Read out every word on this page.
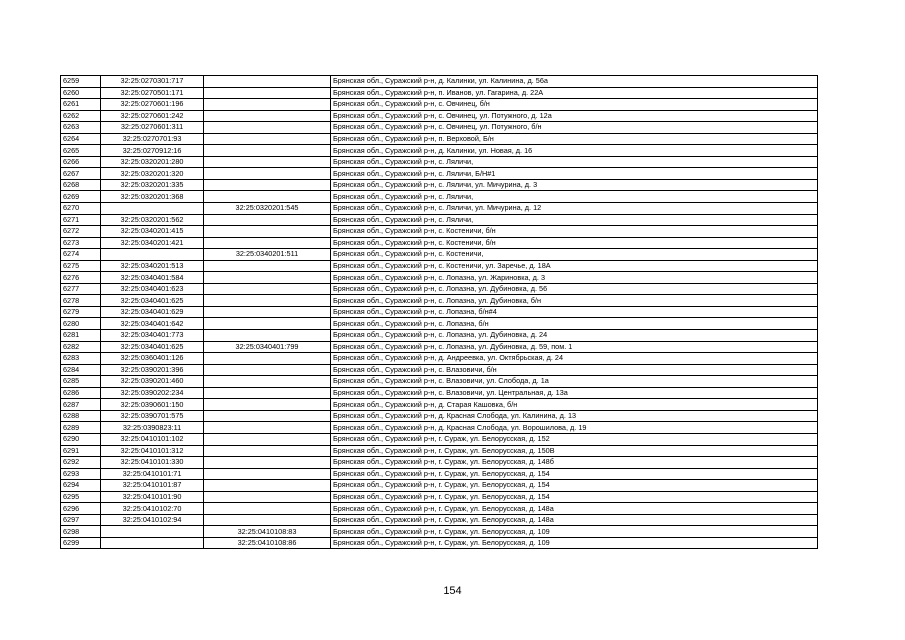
6259	32:25:0270301:717		Брянская обл., Суражский р-н, д. Калинки, ул. Калинина, д. 56а
6260	32:25:0270501:171		Брянская обл., Суражский р-н, п. Иванов, ул. Гагарина, д. 22А
6261	32:25:0270601:196		Брянская обл., Суражский р-н, с. Овчинец, б/н
6262	32:25:0270601:242		Брянская обл., Суражский р-н, с. Овчинец, ул. Потужного, д. 12а
6263	32:25:0270601:311		Брянская обл., Суражский р-н, с. Овчинец, ул. Потужного, б/н
6264	32:25:0270701:93		Брянская обл., Суражский р-н, п. Верховой, Б/н
6265	32:25:0270912:16		Брянская обл., Суражский р-н, д. Калинки, ул. Новая, д. 16
6266	32:25:0320201:280		Брянская обл., Суражский р-н, с. Ляличи,
6267	32:25:0320201:320		Брянская обл., Суражский р-н, с. Ляличи, Б/Н#1
6268	32:25:0320201:335		Брянская обл., Суражский р-н, с. Ляличи, ул. Мичурина, д. 3
6269	32:25:0320201:368		Брянская обл., Суражский р-н, с. Ляличи,
6270		32:25:0320201:545	Брянская обл., Суражский р-н, с. Ляличи, ул. Мичурина, д. 12
6271	32:25:0320201:562		Брянская обл., Суражский р-н, с. Ляличи,
6272	32:25:0340201:415		Брянская обл., Суражский р-н, с. Костеничи, б/н
6273	32:25:0340201:421		Брянская обл., Суражский р-н, с. Костеничи, б/н
6274		32:25:0340201:511	Брянская обл., Суражский р-н, с. Костеничи,
6275	32:25:0340201:513		Брянская обл., Суражский р-н, с. Костеничи, ул. Заречье, д. 18А
6276	32:25:0340401:584		Брянская обл., Суражский р-н, с. Лопазна, ул. Жариновка, д. 3
6277	32:25:0340401:623		Брянская обл., Суражский р-н, с. Лопазна, ул. Дубиновка, д. 56
6278	32:25:0340401:625		Брянская обл., Суражский р-н, с. Лопазна, ул. Дубиновка, б/н
6279	32:25:0340401:629		Брянская обл., Суражский р-н, с. Лопазна, б/н#4
6280	32:25:0340401:642		Брянская обл., Суражский р-н, с. Лопазна, б/н
6281	32:25:0340401:773		Брянская обл., Суражский р-н, с. Лопазна, ул. Дубиновка, д. 24
6282	32:25:0340401:625	32:25:0340401:799	Брянская обл., Суражский р-н, с. Лопазна, ул. Дубиновка, д. 59, пом. 1
6283	32:25:0360401:126		Брянская обл., Суражский р-н, д. Андреевка, ул. Октябрьская, д. 24
6284	32:25:0390201:396		Брянская обл., Суражский р-н, с. Влазовичи, б/н
6285	32:25:0390201:460		Брянская обл., Суражский р-н, с. Влазовичи, ул. Слобода, д. 1а
6286	32:25:0390202:234		Брянская обл., Суражский р-н, с. Влазовичи, ул. Центральная, д. 13а
6287	32:25:0390601:150		Брянская обл., Суражский р-н, д. Старая Кашовка, б/н
6288	32:25:0390701:575		Брянская обл., Суражский р-н, д. Красная Слобода, ул. Калинина, д. 13
6289	32:25:0390823:11		Брянская обл., Суражский р-н, д. Красная Слобода, ул. Ворошилова, д. 19
6290	32:25:0410101:102		Брянская обл., Суражский р-н, г. Сураж, ул. Белорусская, д. 152
6291	32:25:0410101:312		Брянская обл., Суражский р-н, г. Сураж, ул. Белорусская, д. 150В
6292	32:25:0410101:330		Брянская обл., Суражский р-н, г. Сураж, ул. Белорусская, д. 148б
6293	32:25:0410101:71		Брянская обл., Суражский р-н, г. Сураж, ул. Белорусская, д. 154
6294	32:25:0410101:87		Брянская обл., Суражский р-н, г. Сураж, ул. Белорусская, д. 154
6295	32:25:0410101:90		Брянская обл., Суражский р-н, г. Сураж, ул. Белорусская, д. 154
6296	32:25:0410102:70		Брянская обл., Суражский р-н, г. Сураж, ул. Белорусская, д. 148а
6297	32:25:0410102:94		Брянская обл., Суражский р-н, г. Сураж, ул. Белорусская, д. 148а
6298		32:25:0410108:83	Брянская обл., Суражский р-н, г. Сураж, ул. Белорусская, д. 109
6299		32:25:0410108:86	Брянская обл., Суражский р-н, г. Сураж, ул. Белорусская, д. 109
154
